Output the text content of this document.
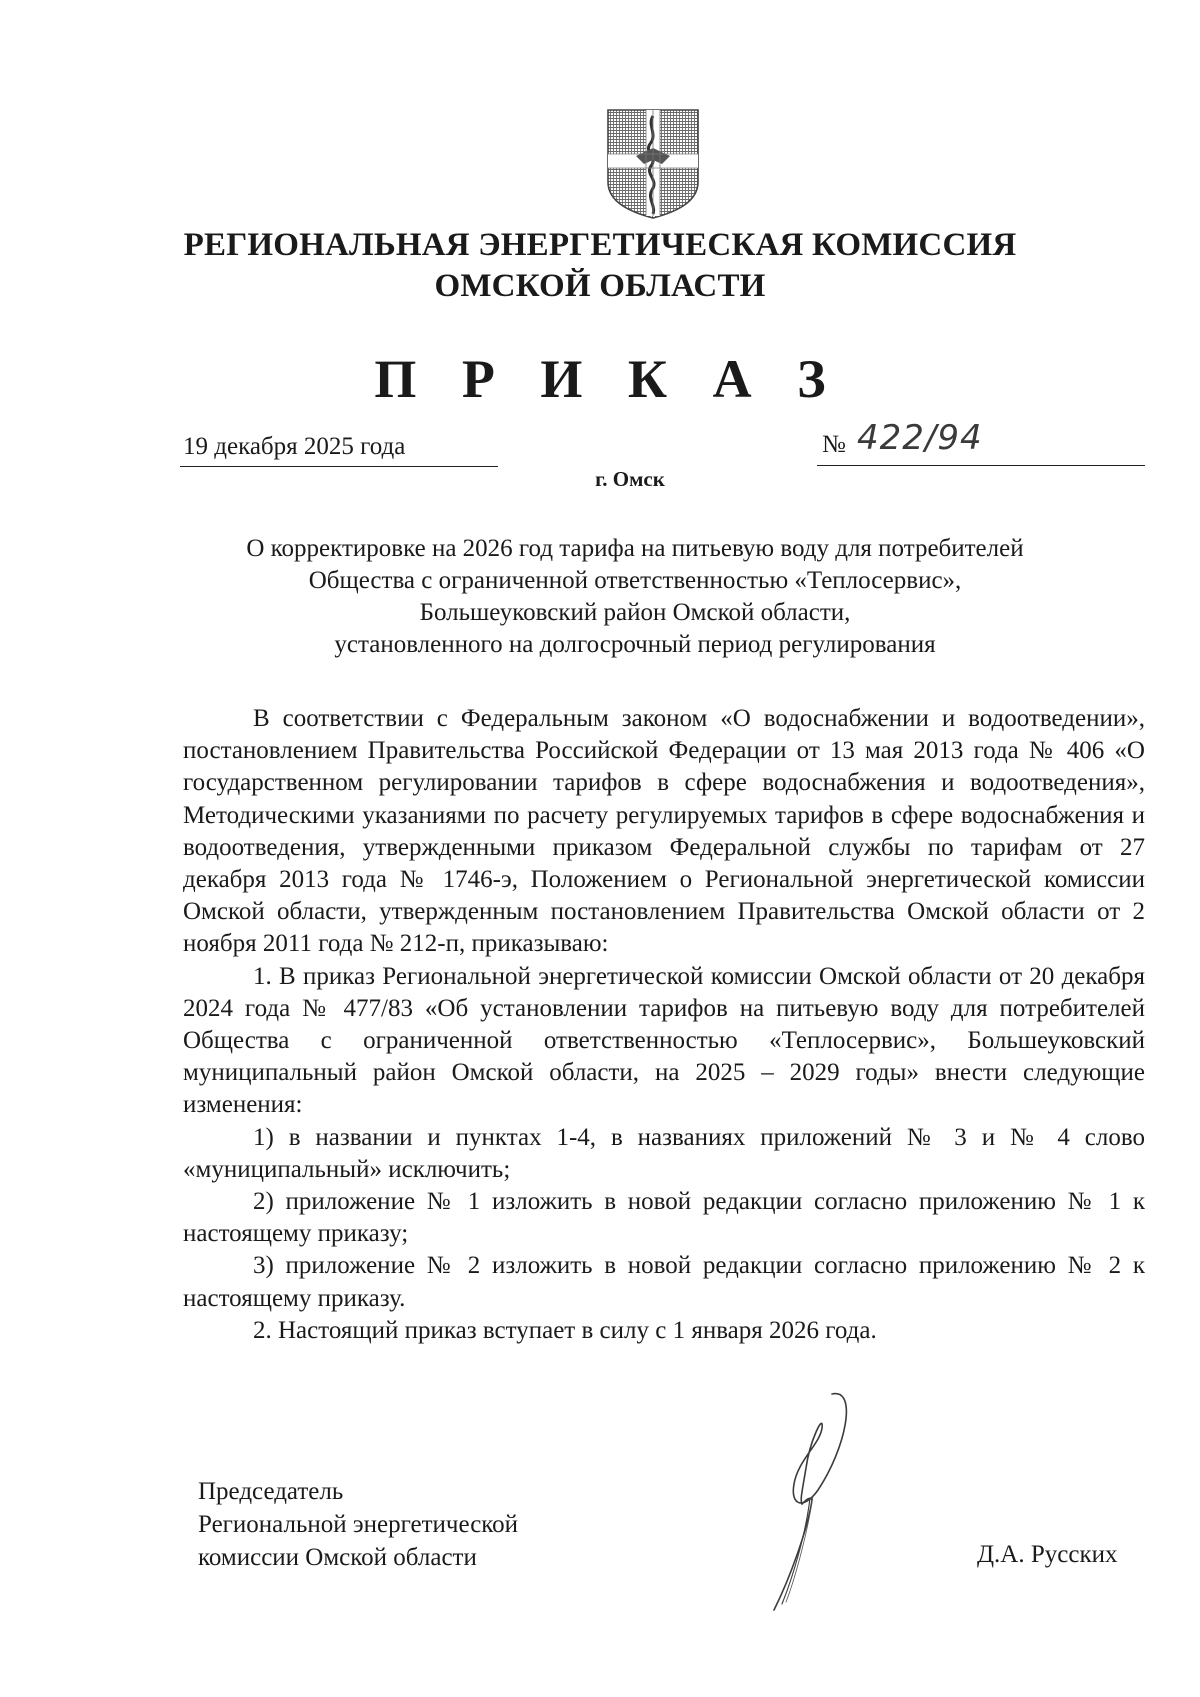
РЕГИОНАЛЬНАЯ ЭНЕРГЕТИЧЕСКАЯ КОМИССИЯ
ОМСКОЙ ОБЛАСТИ
П Р И К А З
19 декабря 2025 года	№ 422/94
г. Омск
О корректировке на 2026 год тарифа на питьевую воду для потребителей
Общества с ограниченной ответственностью «Теплосервис»,
Большеуковский район Омской области,
установленного на долгосрочный период регулирования

В соответствии с Федеральным законом «О водоснабжении и водоотведении», постановлением Правительства Российской Федерации от 13 мая 2013 года № 406 «О государственном регулировании тарифов в сфере водоснабжения и водоотведения», Методическими указаниями по расчету регулируемых тарифов в сфере водоснабжения и водоотведения, утвержденными приказом Федеральной службы по тарифам от 27 декабря 2013 года № 1746-э, Положением о Региональной энергетической комиссии Омской области, утвержденным постановлением Правительства Омской области от 2 ноября 2011 года № 212-п, приказываю:

1. В приказ Региональной энергетической комиссии Омской области от 20 декабря 2024 года № 477/83 «Об установлении тарифов на питьевую воду для потребителей Общества с ограниченной ответственностью «Теплосервис», Большеуковский муниципальный район Омской области, на 2025 – 2029 годы» внести следующие изменения:

1) в названии и пунктах 1-4, в названиях приложений № 3 и № 4 слово «муниципальный» исключить;

2) приложение № 1 изложить в новой редакции согласно приложению № 1 к настоящему приказу;

3) приложение № 2 изложить в новой редакции согласно приложению № 2 к настоящему приказу.

2. Настоящий приказ вступает в силу с 1 января 2026 года.

Председатель
Региональной энергетической
комиссии Омской области	Д.А. Русских
